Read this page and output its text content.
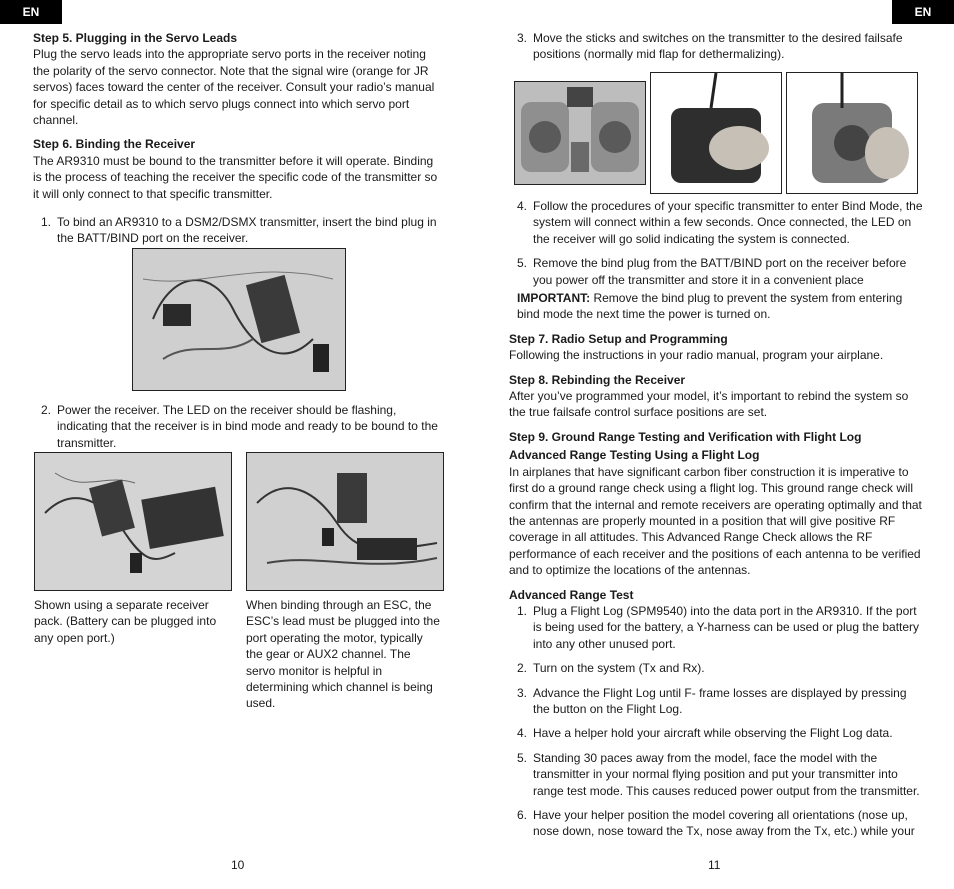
EN	EN
Step 5. Plugging in the Servo Leads

Plug the servo leads into the appropriate servo ports in the receiver noting the polarity of the servo connector. Note that the signal wire (orange for JR servos) faces toward the center of the receiver. Consult your radio’s manual for specific detail as to which servo plugs connect into which servo port channel.

Step 6. Binding the Receiver

The AR9310 must be bound to the transmitter before it will operate. Binding is the process of teaching the receiver the specific code of the transmitter so it will only connect to that specific transmitter.

1. To bind an AR9310 to a DSM2/DSMX transmitter, insert the bind plug in the BATT/BIND port on the receiver.
2. Power the receiver. The LED on the receiver should be flashing, indicating that the receiver is in bind mode and ready to be bound to the transmitter.
Shown using a separate receiver pack. (Battery can be plugged into any open port.)
When binding through an ESC, the ESC’s lead must be plugged into the port operating the motor, typically the gear or AUX2 channel. The servo monitor is helpful in determining which channel is being used.
10
3. Move the sticks and switches on the transmitter to the desired failsafe positions (normally mid flap for dethermalizing).
4. Follow the procedures of your specific transmitter to enter Bind Mode, the system will connect within a few seconds. Once connected, the LED on the receiver will go solid indicating the system is connected.
5. Remove the bind plug from the BATT/BIND port on the receiver before you power off the transmitter and store it in a convenient place

IMPORTANT: Remove the bind plug to prevent the system from entering bind mode the next time the power is turned on.

Step 7. Radio Setup and Programming

Following the instructions in your radio manual, program your airplane.

Step 8. Rebinding the Receiver

After you’ve programmed your model, it’s important to rebind the system so the true failsafe control surface positions are set.

Step 9. Ground Range Testing and Verification with Flight Log
Advanced Range Testing Using a Flight Log

In airplanes that have significant carbon fiber construction it is imperative to first do a ground range check using a flight log. This ground range check will confirm that the internal and remote receivers are operating optimally and that the antennas are properly mounted in a position that will give positive RF coverage in all attitudes. This Advanced Range Check allows the RF performance of each receiver and the positions of each antenna to be verified and to optimize the locations of the antennas.

Advanced Range Test
1. Plug a Flight Log (SPM9540) into the data port in the AR9310. If the port is being used for the battery, a Y-harness can be used or plug the battery into any other unused port.
2. Turn on the system (Tx and Rx).
3. Advance the Flight Log until F- frame losses are displayed by pressing the button on the Flight Log.
4. Have a helper hold your aircraft while observing the Flight Log data.
5. Standing 30 paces away from the model, face the model with the transmitter in your normal flying position and put your transmitter into range test mode. This causes reduced power output from the transmitter.
6. Have your helper position the model covering all orientations (nose up, nose down, nose toward the Tx, nose away from the Tx, etc.) while your
11
